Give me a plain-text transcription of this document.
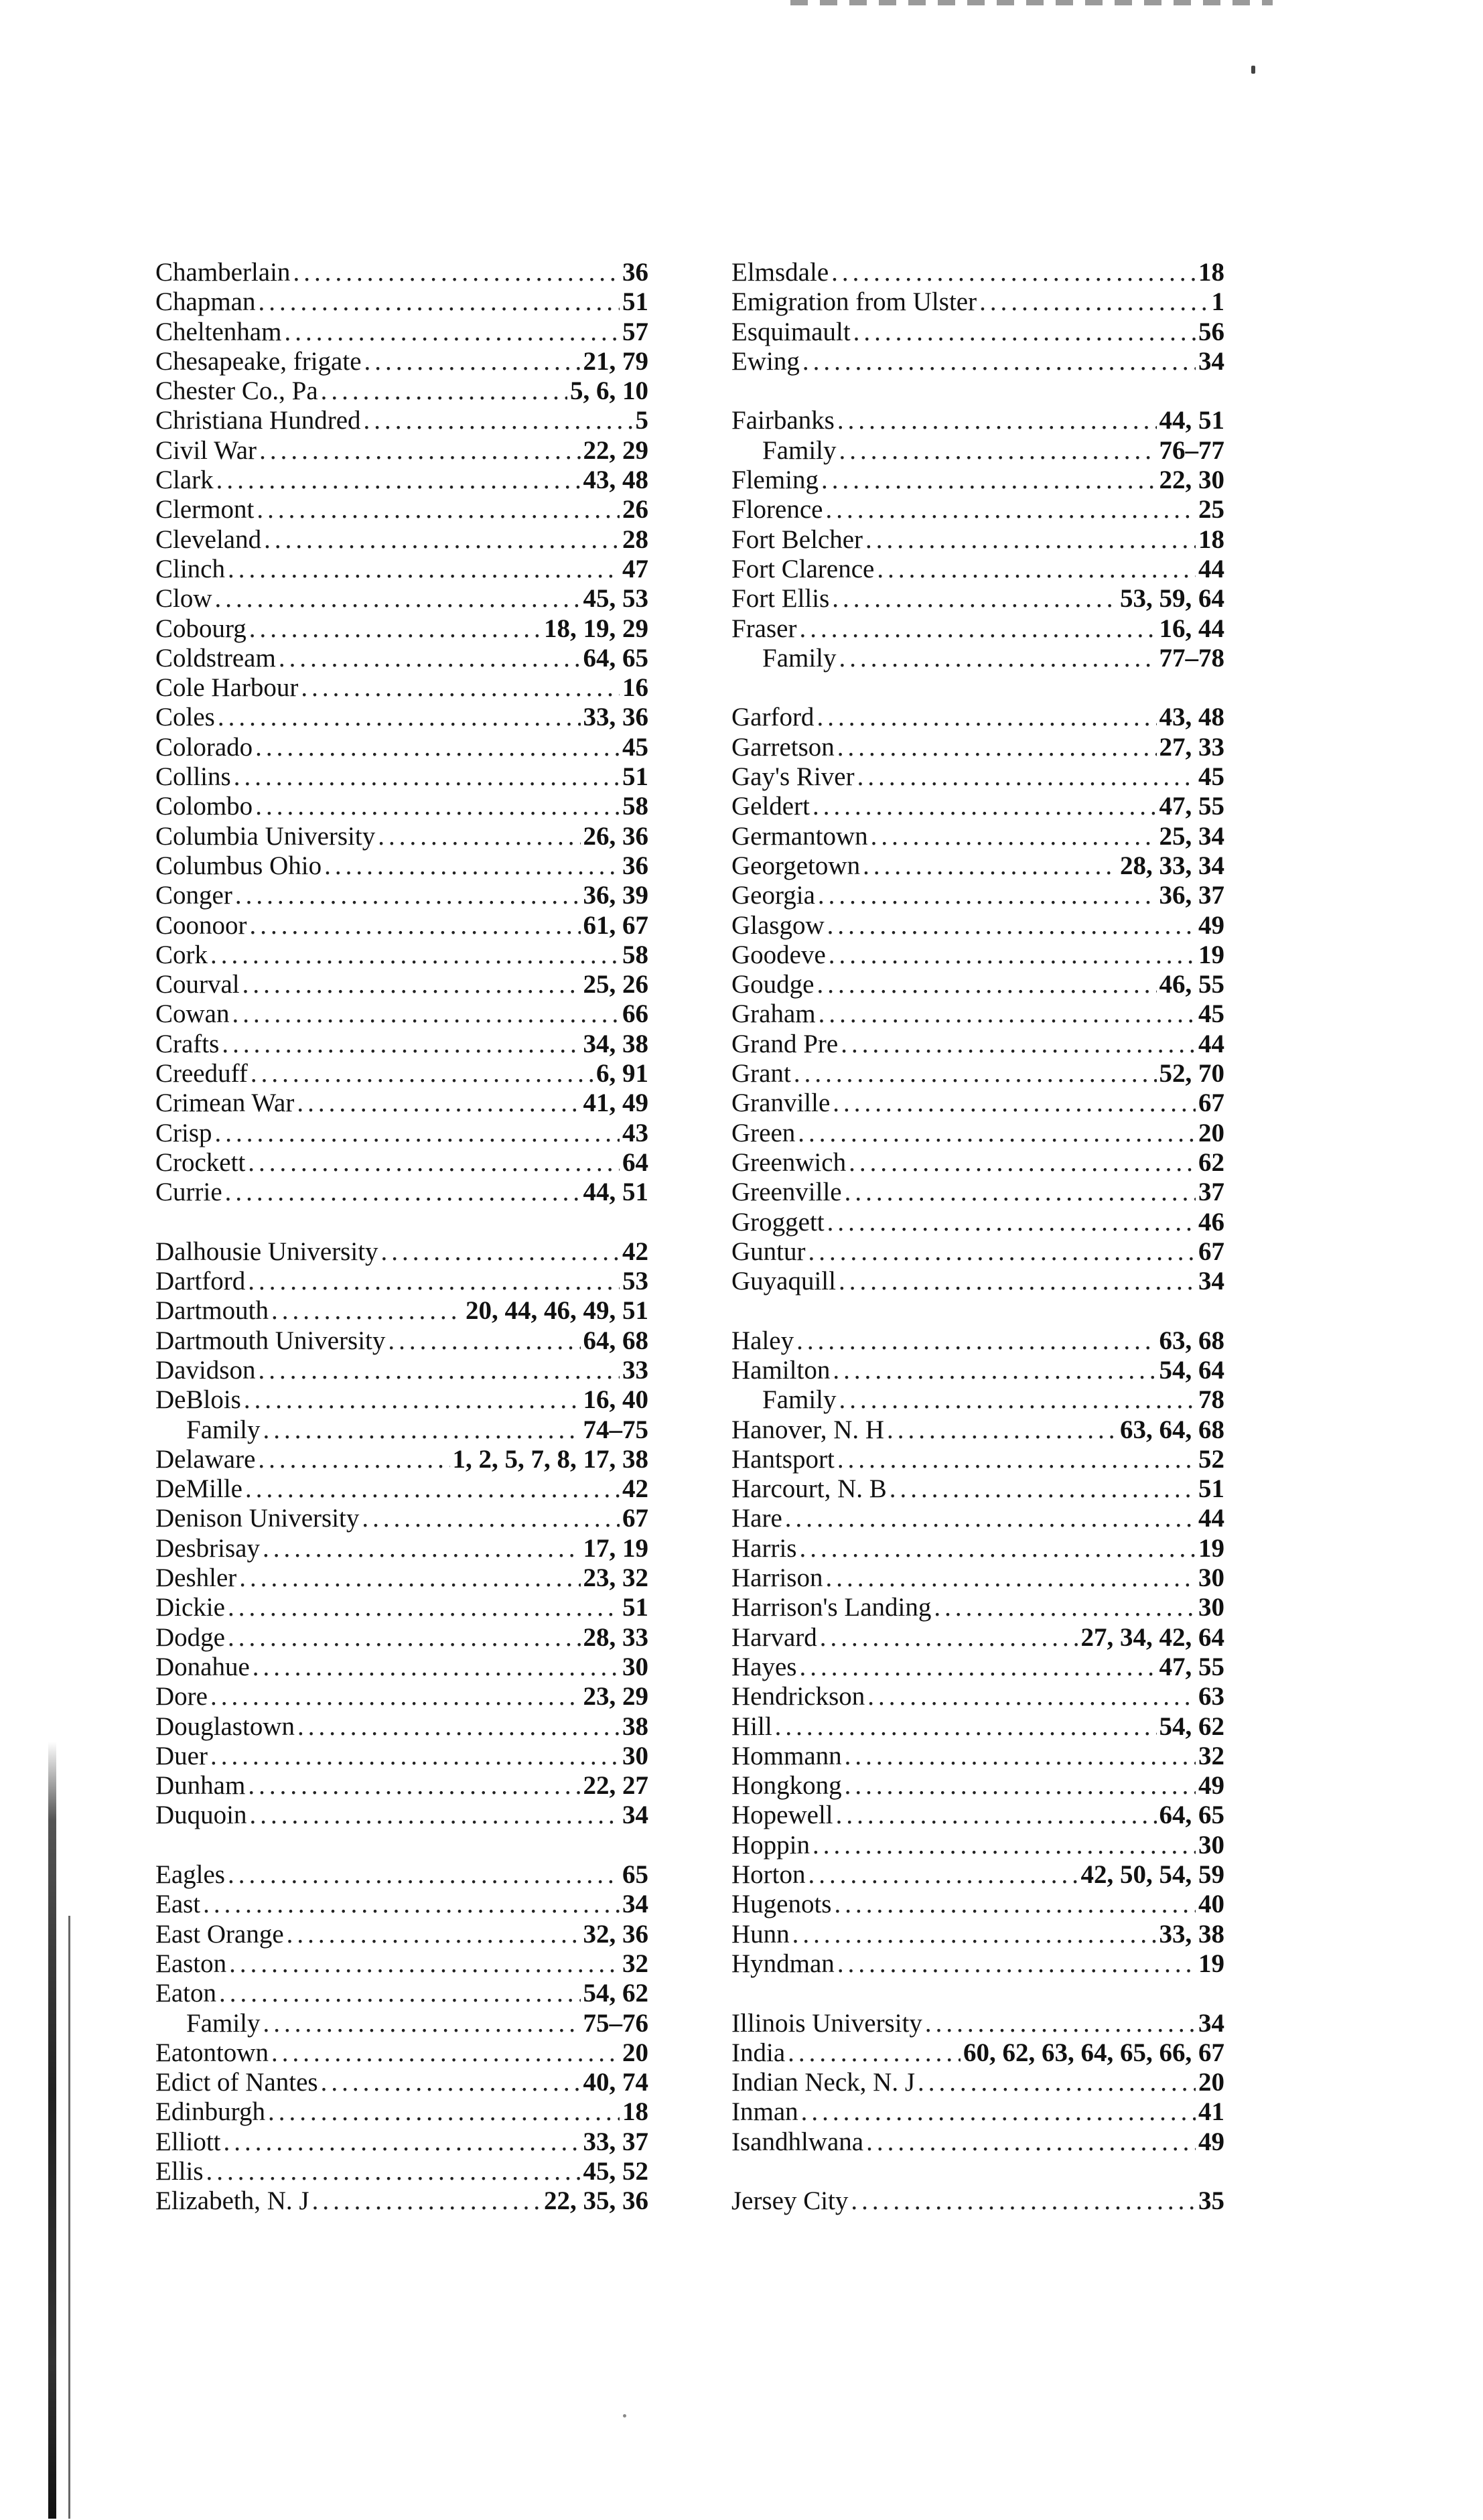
Chamberlain .....	36
Chapman .....	51
Cheltenham .....	57
Chesapeake, frigate .....	21, 79
Chester Co., Pa .....	5, 6, 10
Christiana Hundred .....	5
Civil War .....	22, 29
Clark .....	43, 48
Clermont .....	26
Cleveland .....	28
Clinch .....	47
Clow .....	45, 53
Cobourg .....	18, 19, 29
Coldstream .....	64, 65
Cole Harbour .....	16
Coles .....	33, 36
Colorado .....	45
Collins .....	51
Colombo .....	58
Columbia University .....	26, 36
Columbus Ohio .....	36
Conger .....	36, 39
Coonoor .....	61, 67
Cork .....	58
Courval .....	25, 26
Cowan .....	66
Crafts .....	34, 38
Creeduff .....	6, 91
Crimean War .....	41, 49
Crisp .....	43
Crockett .....	64
Currie .....	44, 51
Dalhousie University .....	42
Dartford .....	53
Dartmouth .....	20, 44, 46, 49, 51
Dartmouth University .....	64, 68
Davidson .....	33
DeBlois .....	16, 40
Family .....	74–75
Delaware .....	1, 2, 5, 7, 8, 17, 38
DeMille .....	42
Denison University .....	67
Desbrisay .....	17, 19
Deshler .....	23, 32
Dickie .....	51
Dodge .....	28, 33
Donahue .....	30
Dore .....	23, 29
Douglastown .....	38
Duer .....	30
Dunham .....	22, 27
Duquoin .....	34
Eagles .....	65
East .....	34
East Orange .....	32, 36
Easton .....	32
Eaton .....	54, 62
Family .....	75–76
Eatontown .....	20
Edict of Nantes .....	40, 74
Edinburgh .....	18
Elliott .....	33, 37
Ellis .....	45, 52
Elizabeth, N. J .....	22, 35, 36
Elmsdale .....	18
Emigration from Ulster .....	1
Esquimault .....	56
Ewing .....	34
Fairbanks .....	44, 51
Family .....	76–77
Fleming .....	22, 30
Florence .....	25
Fort Belcher .....	18
Fort Clarence .....	44
Fort Ellis .....	53, 59, 64
Fraser .....	16, 44
Family .....	77–78
Garford .....	43, 48
Garretson .....	27, 33
Gay's River .....	45
Geldert .....	47, 55
Germantown .....	25, 34
Georgetown .....	28, 33, 34
Georgia .....	36, 37
Glasgow .....	49
Goodeve .....	19
Goudge .....	46, 55
Graham .....	45
Grand Pre .....	44
Grant .....	52, 70
Granville .....	67
Green .....	20
Greenwich .....	62
Greenville .....	37
Groggett .....	46
Guntur .....	67
Guyaquill .....	34
Haley .....	63, 68
Hamilton .....	54, 64
Family .....	78
Hanover, N. H .....	63, 64, 68
Hantsport .....	52
Harcourt, N. B .....	51
Hare .....	44
Harris .....	19
Harrison .....	30
Harrison's Landing .....	30
Harvard .....	27, 34, 42, 64
Hayes .....	47, 55
Hendrickson .....	63
Hill .....	54, 62
Hommann .....	32
Hongkong .....	49
Hopewell .....	64, 65
Hoppin .....	30
Horton .....	42, 50, 54, 59
Hugenots .....	40
Hunn .....	33, 38
Hyndman .....	19
Illinois University .....	34
India .....	60, 62, 63, 64, 65, 66, 67
Indian Neck, N. J .....	20
Inman .....	41
Isandhlwana .....	49
Jersey City .....	35
